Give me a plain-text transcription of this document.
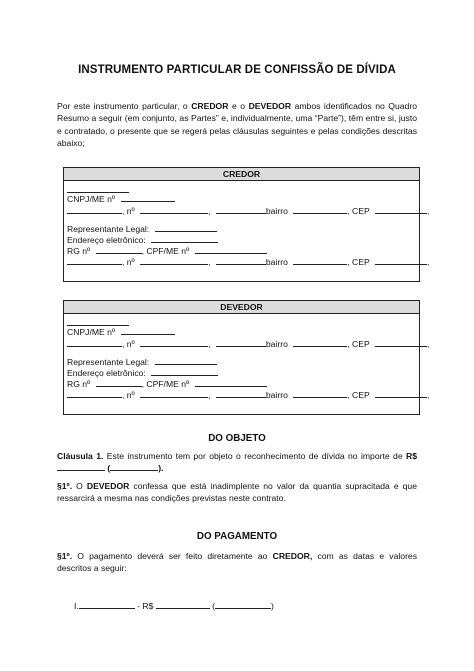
INSTRUMENTO PARTICULAR DE CONFISSÃO DE DÍVIDA
Por este instrumento particular, o CREDOR e o DEVEDOR ambos identificados no Quadro Resumo a seguir (em conjunto, as Partes” e, individualmente, uma “Parte”), têm entre si, justo e contratado, o presente que se regerá pelas cláusulas seguintes e pelas condições descritas abaixo;
CREDOR
CNPJ/ME nº
, nº	,	bairro	, CEP	,
Representante Legal:
Endereço eletrônico:
RG nº	, CPF/ME nº
, nº	,	bairro	, CEP	,
DEVEDOR
CNPJ/ME nº
, nº	,	bairro	, CEP	,
Representante Legal:
Endereço eletrônico:
RG nº	, CPF/ME nº
, nº	,	bairro	, CEP	,
DO OBJETO
Cláusula 1. Este instrumento tem por objeto o reconhecimento de dívida no importe de R$  (	).
§1º. O DEVEDOR confessa que está inadimplente no valor da quantia supracitada e que ressarcirá a mesma nas condições previstas neste contrato.
DO PAGAMENTO
§1º. O pagamento deverá ser feito diretamente ao CREDOR, com as datas e valores descritos a seguir:
I.	- R$	(	)
